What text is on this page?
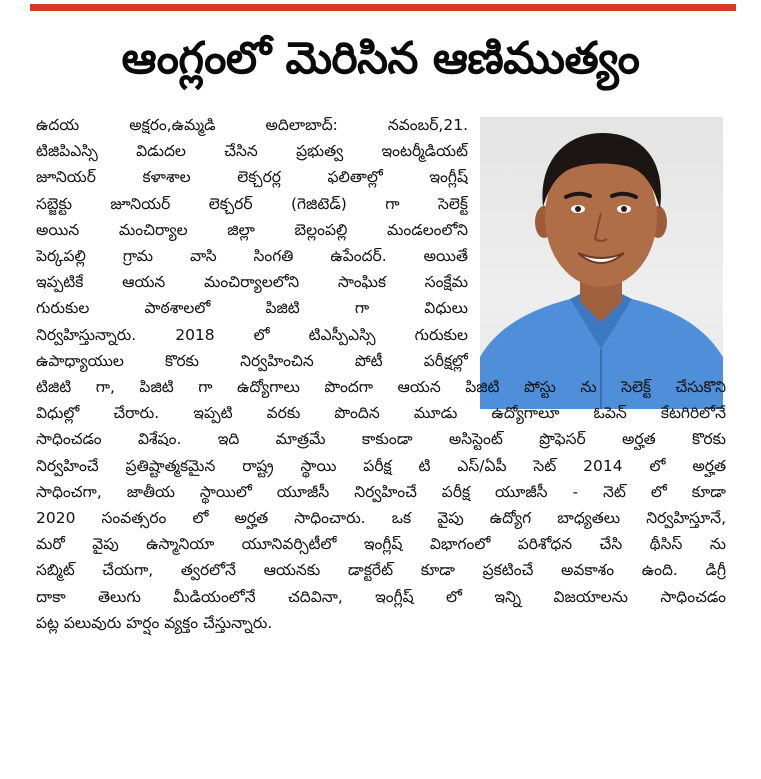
ఆంగ్లంలో మెరిసిన ఆణిముత్యం
ఉదయ అక్షరం,ఉమ్మడి అదిలాబాద్: నవంబర్,21.
టిజిపిఎస్సి విడుదల చేసిన ప్రభుత్వ ఇంటర్మీడియట్
జూనియర్ కళాశాల లెక్చరర్ల ఫలితాల్లో ఇంగ్లీష్
సబ్జెక్టు జూనియర్ లెక్చరర్ (గెజిటెడ్) గా సెలెక్ట్
అయిన మంచిర్యాల జిల్లా బెల్లంపల్లి మండలంలోని
పెర్కపల్లి గ్రామ వాసి సింగతి ఉపేందర్. అయితే
ఇప్పటికే ఆయన మంచిర్యాలలోని సాంఘిక సంక్షేమ
గురుకుల పాఠశాలలో పిజిటి గా విధులు
నిర్వహిస్తున్నారు. 2018 లో టిఎస్పీఎస్సి గురుకుల
ఉపాధ్యాయుల కొరకు నిర్వహించిన పోటీ పరీక్షల్లో
టిజిటి గా, పిజిటి గా ఉద్యోగాలు పొందగా ఆయన పిజిటి పోస్టు ను సెలెక్ట్ చేసుకొని
విధుల్లో చేరారు. ఇప్పటి వరకు పొందిన మూడు ఉద్యోగాలూ ఓపెన్ కేటగిరిలోనే
సాధించడం విశేషం. ఇది మాత్రమే కాకుండా అసిస్టెంట్ ప్రొఫెసర్ అర్హత కొరకు
నిర్వహించే ప్రతిష్టాత్మకమైన రాష్ట్ర స్థాయి పరీక్ష టి ఎస్/ఏపీ సెట్ 2014 లో అర్హత
సాధించగా, జాతీయ స్థాయిలో యూజీసీ నిర్వహించే పరీక్ష యూజీసీ - నెట్ లో కూడా
2020 సంవత్సరం లో అర్హత సాధించారు. ఒక వైపు ఉద్యోగ బాధ్యతలు నిర్వహిస్తూనే,
మరో వైపు ఉస్మానియా యూనివర్సిటీలో ఇంగ్లీష్ విభాగంలో పరిశోధన చేసి థీసిస్ ను
సబ్మిట్ చేయగా, త్వరలోనే ఆయనకు డాక్టరేట్ కూడా ప్రకటించే అవకాశం ఉంది. డిగ్రీ
దాకా తెలుగు మీడియంలోనే చదివినా, ఇంగ్లీష్ లో ఇన్ని విజయాలను సాధించడం
పట్ల పలువురు హర్షం వ్యక్తం చేస్తున్నారు.
